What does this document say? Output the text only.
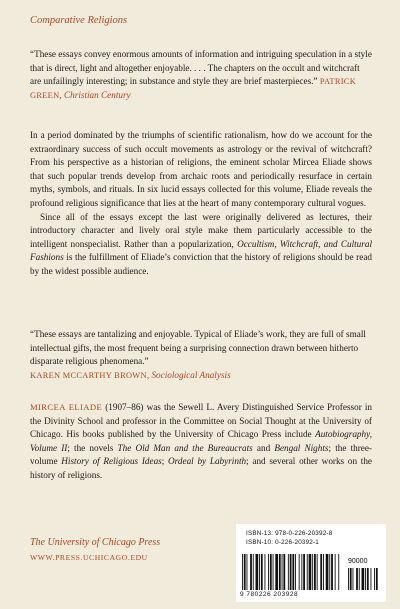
Comparative Religions
“These essays convey enormous amounts of information and intriguing speculation in a style that is direct, light and altogether enjoyable. . . . The chapters on the occult and witchcraft are unfailingly interesting; in substance and style they are brief masterpieces.” PATRICK GREEN, Christian Century

In a period dominated by the triumphs of scientific rationalism, how do we account for the extraordinary success of such occult movements as astrology or the revival of witchcraft? From his perspective as a historian of religions, the eminent scholar Mircea Eliade shows that such popular trends develop from archaic roots and periodically resurface in certain myths, symbols, and rituals. In six lucid essays collected for this volume, Eliade reveals the profound religious significance that lies at the heart of many contemporary cultural vogues.

Since all of the essays except the last were originally delivered as lectures, their introductory character and lively oral style make them particularly accessible to the intelligent nonspecialist. Rather than a popularization, Occultism, Witchcraft, and Cultural Fashions is the fulfillment of Eliade’s conviction that the history of religions should be read by the widest possible audience.

“These essays are tantalizing and enjoyable. Typical of Eliade’s work, they are full of small intellectual gifts, the most frequent being a surprising connection drawn between hitherto disparate religious phenomena.”
KAREN MCCARTHY BROWN, Sociological Analysis
MIRCEA ELIADE (1907–86) was the Sewell L. Avery Distinguished Service Professor in the Divinity School and professor in the Committee on Social Thought at the University of Chicago. His books published by the University of Chicago Press include Autobiography, Volume II; the novels The Old Man and the Bureaucrats and Bengal Nights; the three-volume History of Religious Ideas; Ordeal by Labyrinth; and several other works on the history of religions.
The University of Chicago Press
WWW.PRESS.UCHICAGO.EDU
ISBN-13: 978-0-226-20392-8
ISBN-10: 0-226-20392-1
90000
9 780226 203928
